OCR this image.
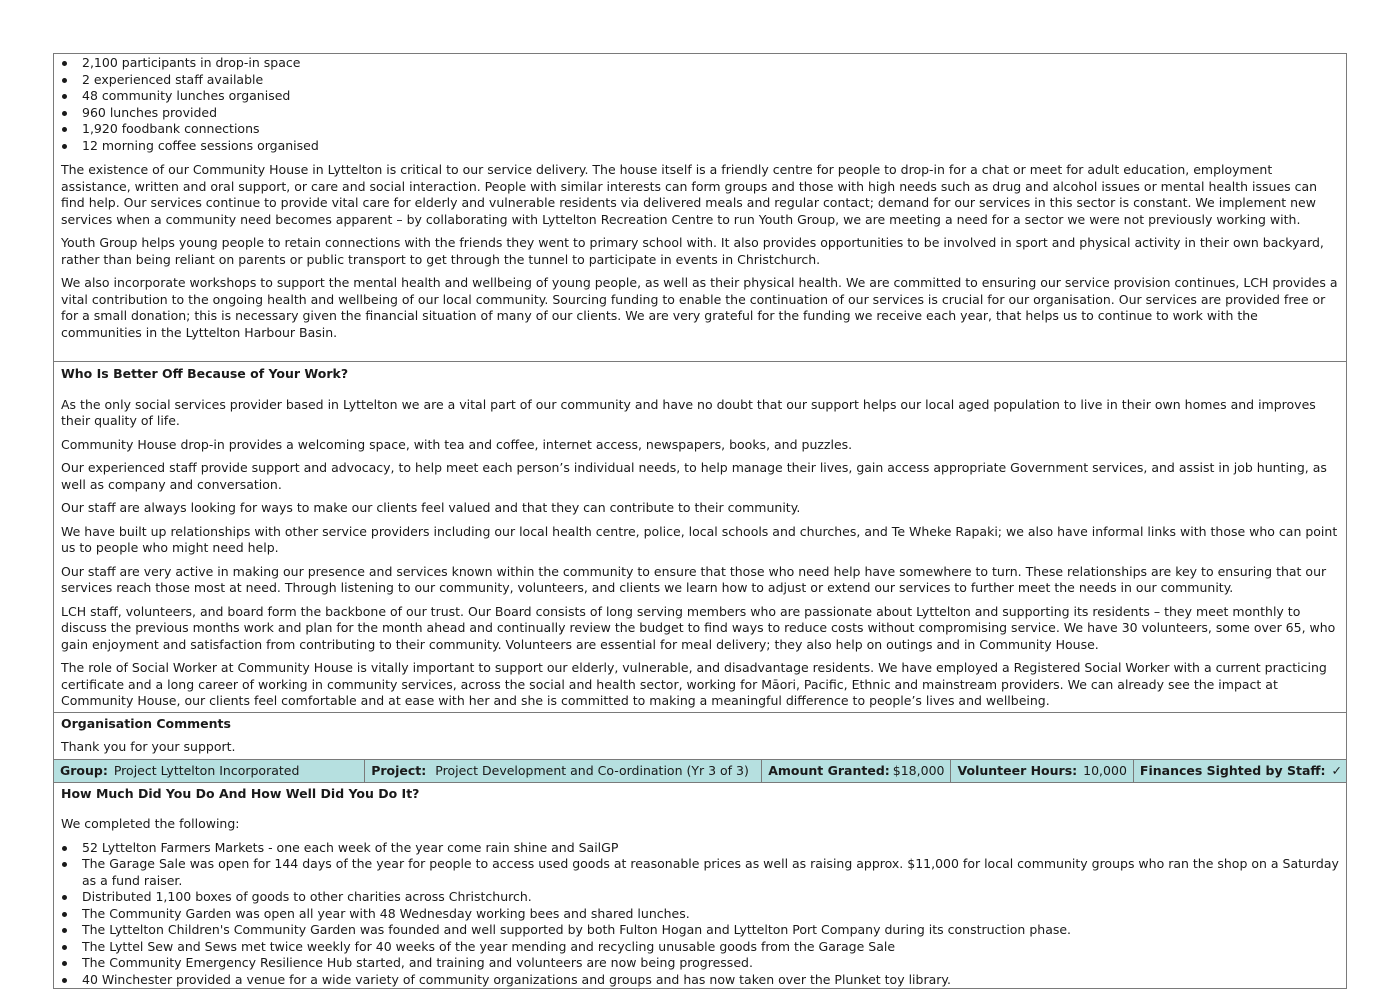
2,100 participants in drop-in space
2 experienced staff available
48 community lunches organised
960 lunches provided
1,920 foodbank connections
12 morning coffee sessions organised

The existence of our Community House in Lyttelton is critical to our service delivery. The house itself is a friendly centre for people to drop-in for a chat or meet for adult education, employment assistance, written and oral support, or care and social interaction. People with similar interests can form groups and those with high needs such as drug and alcohol issues or mental health issues can find help. Our services continue to provide vital care for elderly and vulnerable residents via delivered meals and regular contact; demand for our services in this sector is constant. We implement new services when a community need becomes apparent – by collaborating with Lyttelton Recreation Centre to run Youth Group, we are meeting a need for a sector we were not previously working with.

Youth Group helps young people to retain connections with the friends they went to primary school with. It also provides opportunities to be involved in sport and physical activity in their own backyard, rather than being reliant on parents or public transport to get through the tunnel to participate in events in Christchurch.

We also incorporate workshops to support the mental health and wellbeing of young people, as well as their physical health. We are committed to ensuring our service provision continues, LCH provides a vital contribution to the ongoing health and wellbeing of our local community. Sourcing funding to enable the continuation of our services is crucial for our organisation. Our services are provided free or for a small donation; this is necessary given the financial situation of many of our clients. We are very grateful for the funding we receive each year, that helps us to continue to work with the communities in the Lyttelton Harbour Basin.

Who Is Better Off Because of Your Work?

As the only social services provider based in Lyttelton we are a vital part of our community and have no doubt that our support helps our local aged population to live in their own homes and improves their quality of life.

Community House drop-in provides a welcoming space, with tea and coffee, internet access, newspapers, books, and puzzles.

Our experienced staff provide support and advocacy, to help meet each person’s individual needs, to help manage their lives, gain access appropriate Government services, and assist in job hunting, as well as company and conversation.

Our staff are always looking for ways to make our clients feel valued and that they can contribute to their community.

We have built up relationships with other service providers including our local health centre, police, local schools and churches, and Te Wheke Rapaki; we also have informal links with those who can point us to people who might need help.

Our staff are very active in making our presence and services known within the community to ensure that those who need help have somewhere to turn. These relationships are key to ensuring that our services reach those most at need. Through listening to our community, volunteers, and clients we learn how to adjust or extend our services to further meet the needs in our community.

LCH staff, volunteers, and board form the backbone of our trust. Our Board consists of long serving members who are passionate about Lyttelton and supporting its residents – they meet monthly to discuss the previous months work and plan for the month ahead and continually review the budget to find ways to reduce costs without compromising service. We have 30 volunteers, some over 65, who gain enjoyment and satisfaction from contributing to their community. Volunteers are essential for meal delivery; they also help on outings and in Community House.

The role of Social Worker at Community House is vitally important to support our elderly, vulnerable, and disadvantage residents. We have employed a Registered Social Worker with a current practicing certificate and a long career of working in community services, across the social and health sector, working for Māori, Pacific, Ethnic and mainstream providers. We can already see the impact at Community House, our clients feel comfortable and at ease with her and she is committed to making a meaningful difference to people’s lives and wellbeing.

Organisation Comments

Thank you for your support.

Group: Project Lyttelton Incorporated	Project: Project Development and Co-ordination (Yr 3 of 3)	Amount Granted: $18,000	Volunteer Hours: 10,000	Finances Sighted by Staff: ✓

How Much Did You Do And How Well Did You Do It?

We completed the following:

52 Lyttelton Farmers Markets - one each week of the year come rain shine and SailGP
The Garage Sale was open for 144 days of the year for people to access used goods at reasonable prices as well as raising approx. $11,000 for local community groups who ran the shop on a Saturday as a fund raiser.
Distributed 1,100 boxes of goods to other charities across Christchurch.
The Community Garden was open all year with 48 Wednesday working bees and shared lunches.
The Lyttelton Children's Community Garden was founded and well supported by both Fulton Hogan and Lyttelton Port Company during its construction phase.
The Lyttel Sew and Sews met twice weekly for 40 weeks of the year mending and recycling unusable goods from the Garage Sale
The Community Emergency Resilience Hub started, and training and volunteers are now being progressed.
40 Winchester provided a venue for a wide variety of community organizations and groups and has now taken over the Plunket toy library.
